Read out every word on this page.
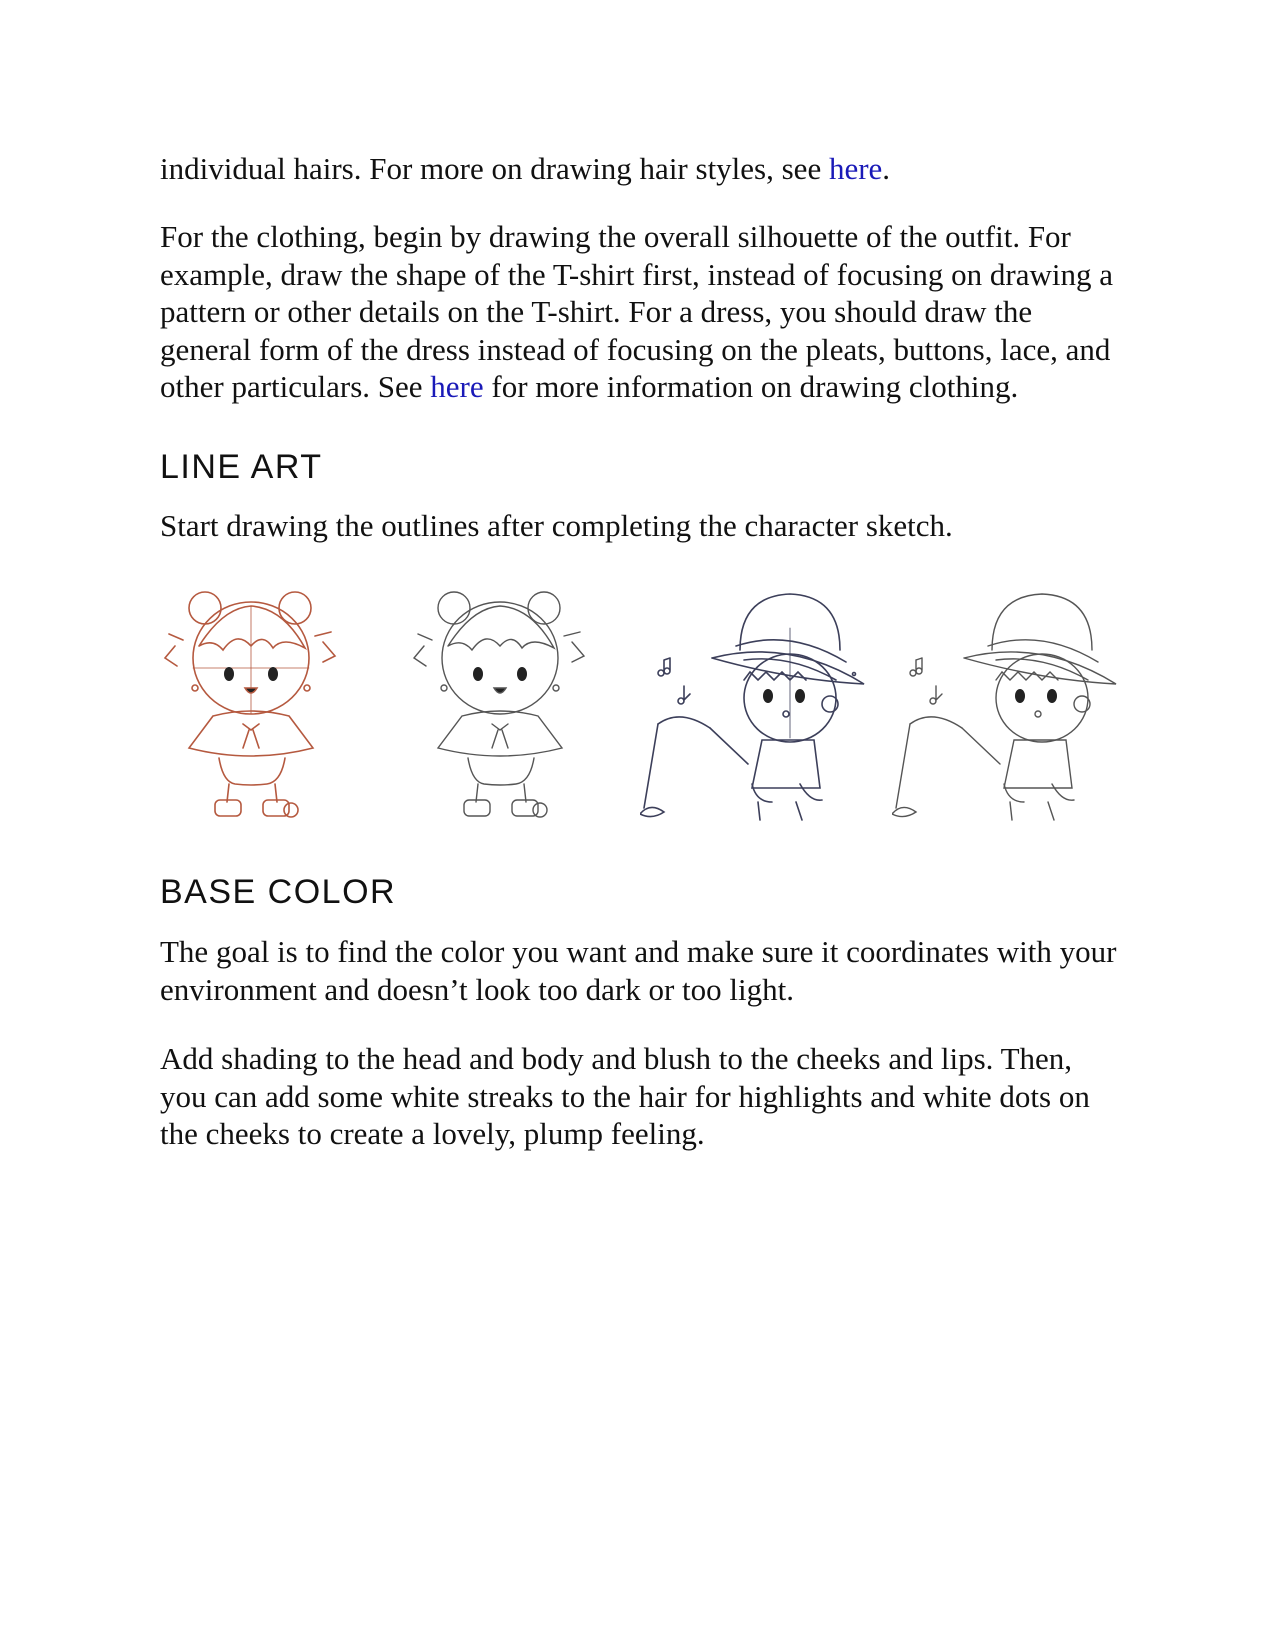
individual hairs. For more on drawing hair styles, see here.

For the clothing, begin by drawing the overall silhouette of the outfit. For example, draw the shape of the T-shirt first, instead of focusing on drawing a pattern or other details on the T-shirt. For a dress, you should draw the general form of the dress instead of focusing on the pleats, buttons, lace, and other particulars. See here for more information on drawing clothing.

LINE ART

Start drawing the outlines after completing the character sketch.

BASE COLOR

The goal is to find the color you want and make sure it coordinates with your environment and doesn’t look too dark or too light.

Add shading to the head and body and blush to the cheeks and lips. Then, you can add some white streaks to the hair for highlights and white dots on the cheeks to create a lovely, plump feeling.
